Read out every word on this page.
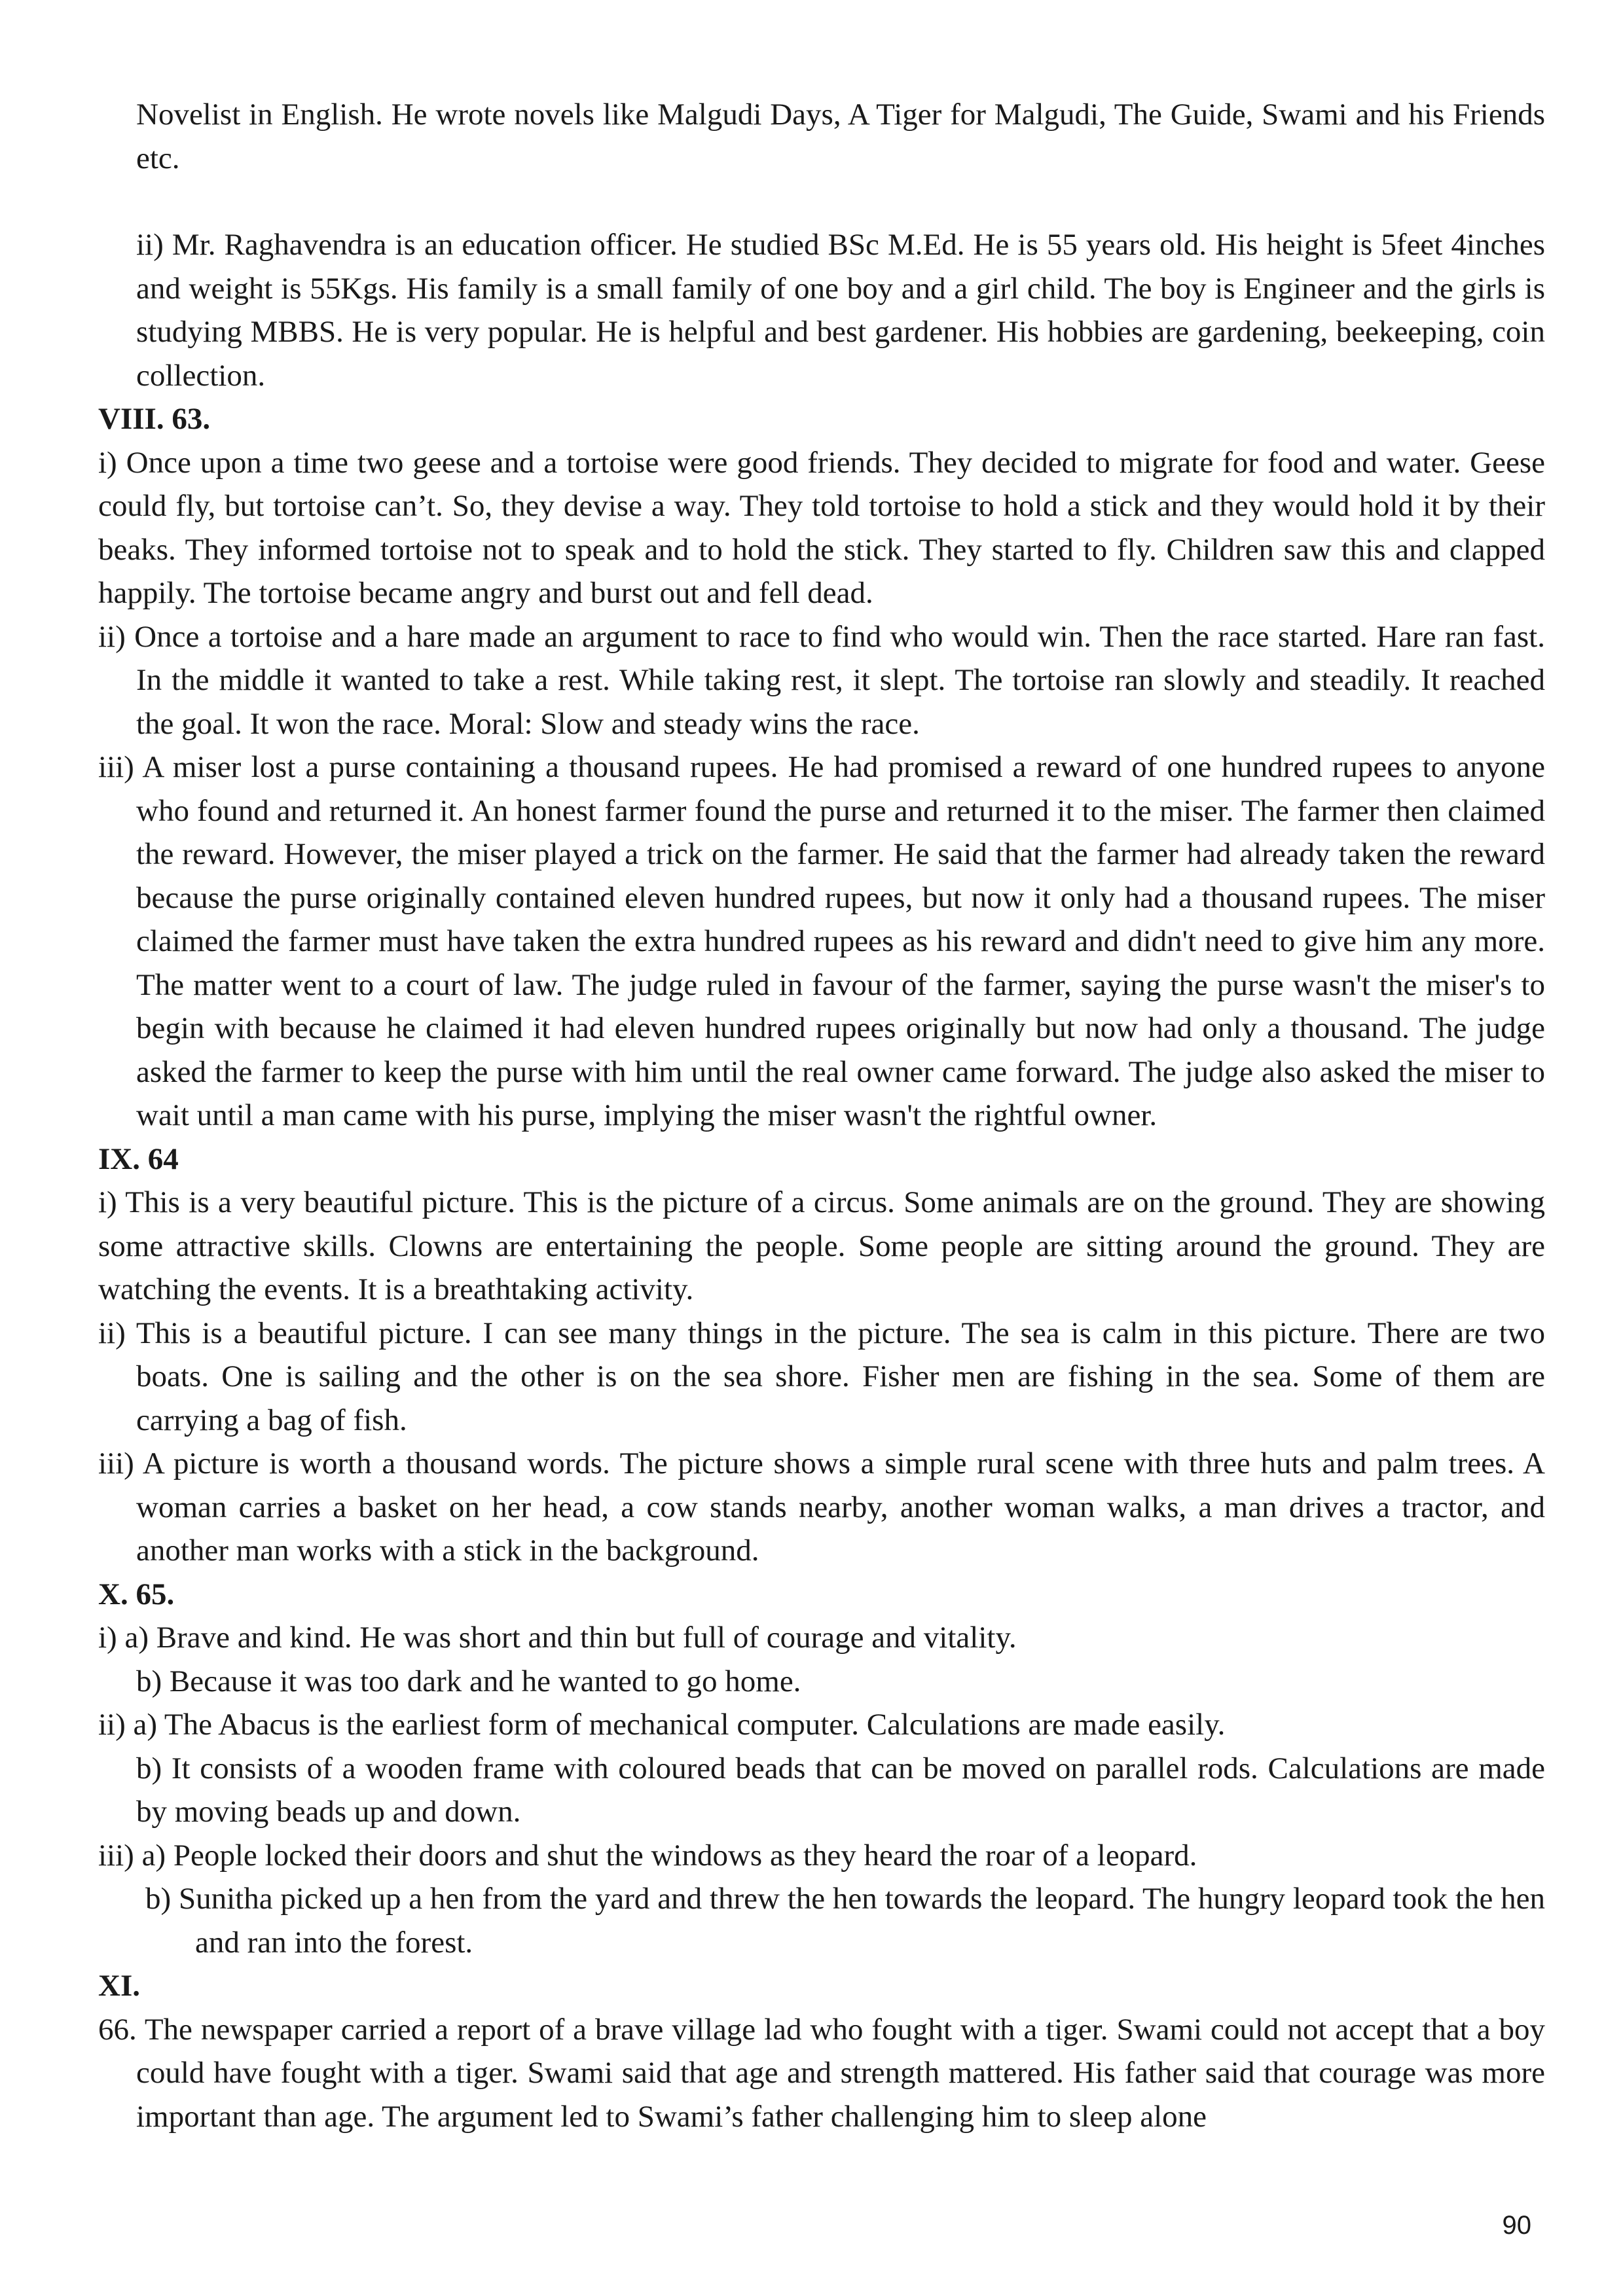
Novelist in English. He wrote novels like Malgudi Days, A Tiger for Malgudi, The Guide, Swami and his Friends etc.

ii) Mr. Raghavendra is an education officer. He studied BSc M.Ed. He is 55 years old. His height is 5feet 4inches and weight is 55Kgs. His family is a small family of one boy and a girl child. The boy is Engineer and the girls is studying MBBS. He is very popular. He is helpful and best gardener. His hobbies are gardening, beekeeping, coin collection.

VIII. 63.

i) Once upon a time two geese and a tortoise were good friends. They decided to migrate for food and water. Geese could fly, but tortoise can’t. So, they devise a way. They told tortoise to hold a stick and they would hold it by their beaks. They informed tortoise not to speak and to hold the stick. They started to fly. Children saw this and clapped happily. The tortoise became angry and burst out and fell dead.

ii) Once a tortoise and a hare made an argument to race to find who would win. Then the race started. Hare ran fast. In the middle it wanted to take a rest. While taking rest, it slept. The tortoise ran slowly and steadily. It reached the goal. It won the race. Moral: Slow and steady wins the race.

iii) A miser lost a purse containing a thousand rupees. He had promised a reward of one hundred rupees to anyone who found and returned it. An honest farmer found the purse and returned it to the miser. The farmer then claimed the reward. However, the miser played a trick on the farmer. He said that the farmer had already taken the reward because the purse originally contained eleven hundred rupees, but now it only had a thousand rupees. The miser claimed the farmer must have taken the extra hundred rupees as his reward and didn't need to give him any more. The matter went to a court of law. The judge ruled in favour of the farmer, saying the purse wasn't the miser's to begin with because he claimed it had eleven hundred rupees originally but now had only a thousand. The judge asked the farmer to keep the purse with him until the real owner came forward. The judge also asked the miser to wait until a man came with his purse, implying the miser wasn't the rightful owner.

IX. 64

i) This is a very beautiful picture. This is the picture of a circus. Some animals are on the ground. They are showing some attractive skills. Clowns are entertaining the people. Some people are sitting around the ground. They are watching the events. It is a breathtaking activity.

ii) This is a beautiful picture. I can see many things in the picture. The sea is calm in this picture. There are two boats. One is sailing and the other is on the sea shore. Fisher men are fishing in the sea. Some of them are carrying a bag of fish.

iii) A picture is worth a thousand words. The picture shows a simple rural scene with three huts and palm trees. A woman carries a basket on her head, a cow stands nearby, another woman walks, a man drives a tractor, and another man works with a stick in the background.

X. 65.

i) a) Brave and kind. He was short and thin but full of courage and vitality.

b) Because it was too dark and he wanted to go home.

ii) a) The Abacus is the earliest form of mechanical computer. Calculations are made easily.

b) It consists of a wooden frame with coloured beads that can be moved on parallel rods. Calculations are made by moving beads up and down.

iii) a) People locked their doors and shut the windows as they heard the roar of a leopard.

b) Sunitha picked up a hen from the yard and threw the hen towards the leopard. The hungry leopard took the hen and ran into the forest.

XI.

66. The newspaper carried a report of a brave village lad who fought with a tiger. Swami could not accept that a boy could have fought with a tiger. Swami said that age and strength mattered. His father said that courage was more important than age. The argument led to Swami’s father challenging him to sleep alone

90
